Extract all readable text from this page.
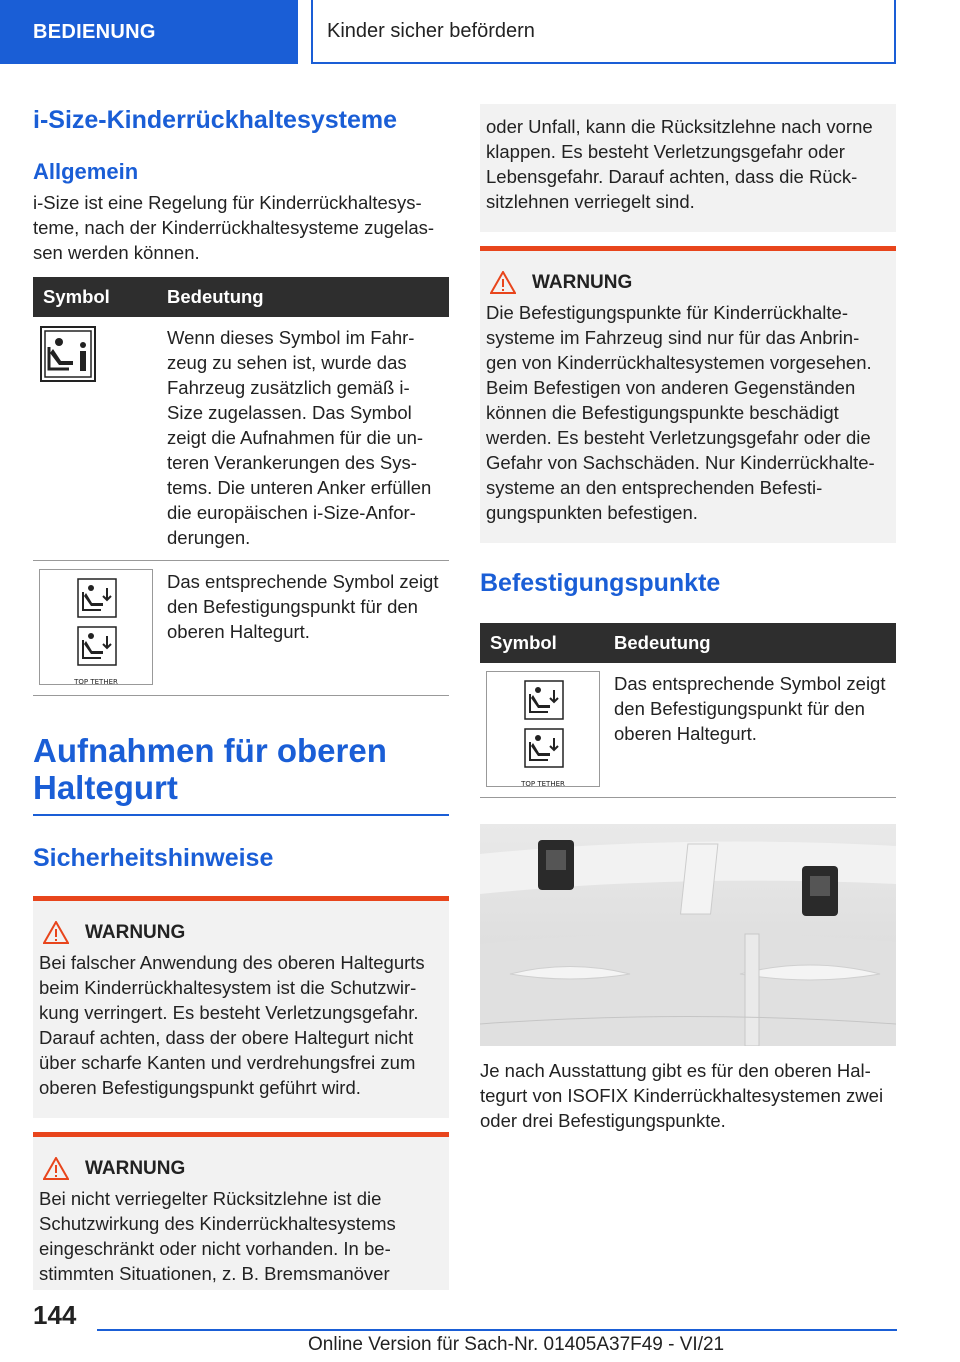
BEDIENUNG	Kinder sicher befördern
i-Size-Kinderrückhaltesysteme
Allgemein

i-Size ist eine Regelung für Kinderrückhaltesys-teme, nach der Kinderrückhaltesysteme zugelas-sen werden können.

Symbol	Bedeutung
	Wenn dieses Symbol im Fahr-zeug zu sehen ist, wurde das Fahrzeug zusätzlich gemäß i-Size zugelassen. Das Symbol zeigt die Aufnahmen für die un-teren Verankerungen des Sys-tems. Die unteren Anker erfüllen die europäischen i-Size-Anfor-derungen.

TOP TETHER	Das entsprechende Symbol zeigt den Befestigungspunkt für den oberen Haltegurt.
Aufnahmen für oberen Haltegurt
Sicherheitshinweise
WARNUNG

Bei falscher Anwendung des oberen Haltegurts beim Kinderrückhaltesystem ist die Schutzwir-kung verringert. Es besteht Verletzungsgefahr. Darauf achten, dass der obere Haltegurt nicht über scharfe Kanten und verdrehungsfrei zum oberen Befestigungspunkt geführt wird.

WARNUNG

Bei nicht verriegelter Rücksitzlehne ist die Schutzwirkung des Kinderrückhaltesystems eingeschränkt oder nicht vorhanden. In be-stimmten Situationen, z. B. Bremsmanöver

oder Unfall, kann die Rücksitzlehne nach vorne klappen. Es besteht Verletzungsgefahr oder Lebensgefahr. Darauf achten, dass die Rück-sitzlehnen verriegelt sind.

WARNUNG

Die Befestigungspunkte für Kinderrückhalte-systeme im Fahrzeug sind nur für das Anbrin-gen von Kinderrückhaltesystemen vorgesehen. Beim Befestigen von anderen Gegenständen können die Befestigungspunkte beschädigt werden. Es besteht Verletzungsgefahr oder die Gefahr von Sachschäden. Nur Kinderrückhalte-systeme an den entsprechenden Befesti-gungspunkten befestigen.

Befestigungspunkte
Symbol	Bedeutung

TOP TETHER	Das entsprechende Symbol zeigt den Befestigungspunkt für den oberen Haltegurt.

Je nach Ausstattung gibt es für den oberen Hal-tegurt von ISOFIX Kinderrückhaltesystemen zwei oder drei Befestigungspunkte.

144
Online Version für Sach-Nr. 01405A37F49 - VI/21
